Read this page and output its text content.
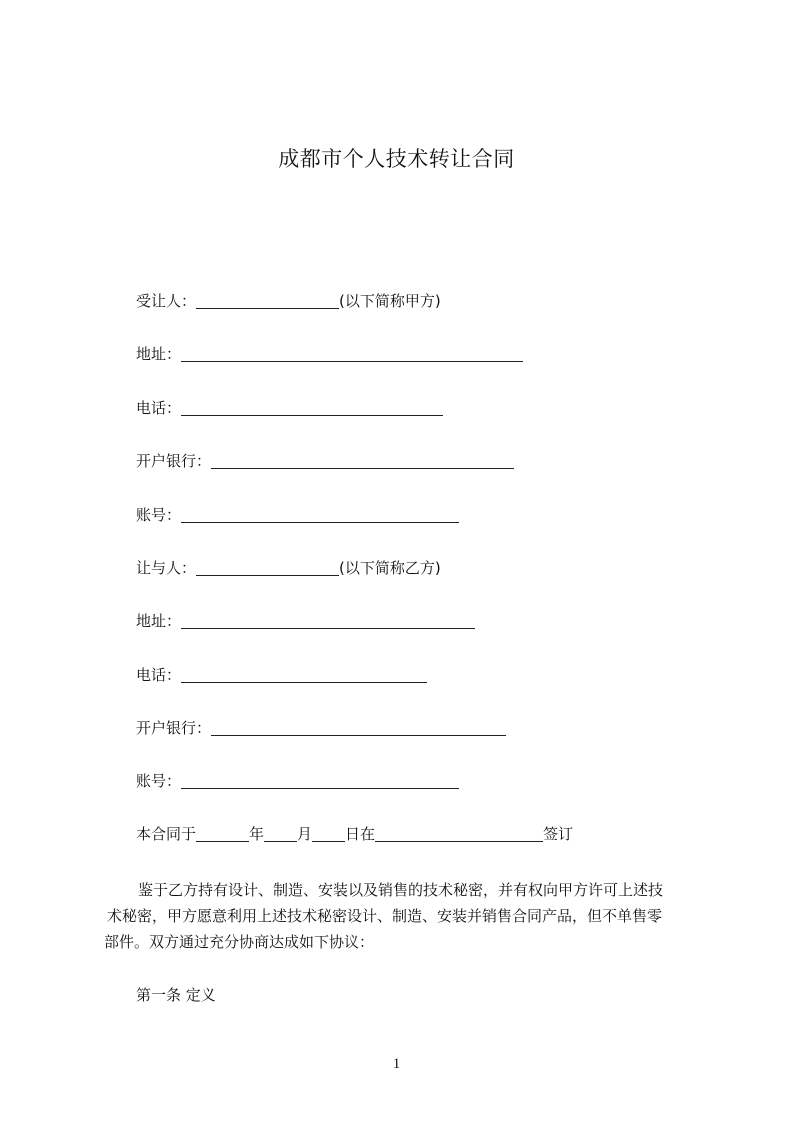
成都市个人技术转让合同
受让人：	(以下简称甲方)
地址：
电话：
开户银行：
账号：
让与人：	(以下简称乙方)
地址：
电话：
开户银行：
账号：
本合同于	年 月 日在	签订
鉴于乙方持有设计、制造、安装以及销售的技术秘密，并有权向甲方许可上述技
术秘密，甲方愿意利用上述技术秘密设计、制造、安装并销售合同产品，但不单售零
部件。双方通过充分协商达成如下协议：
第一条 定义
1
